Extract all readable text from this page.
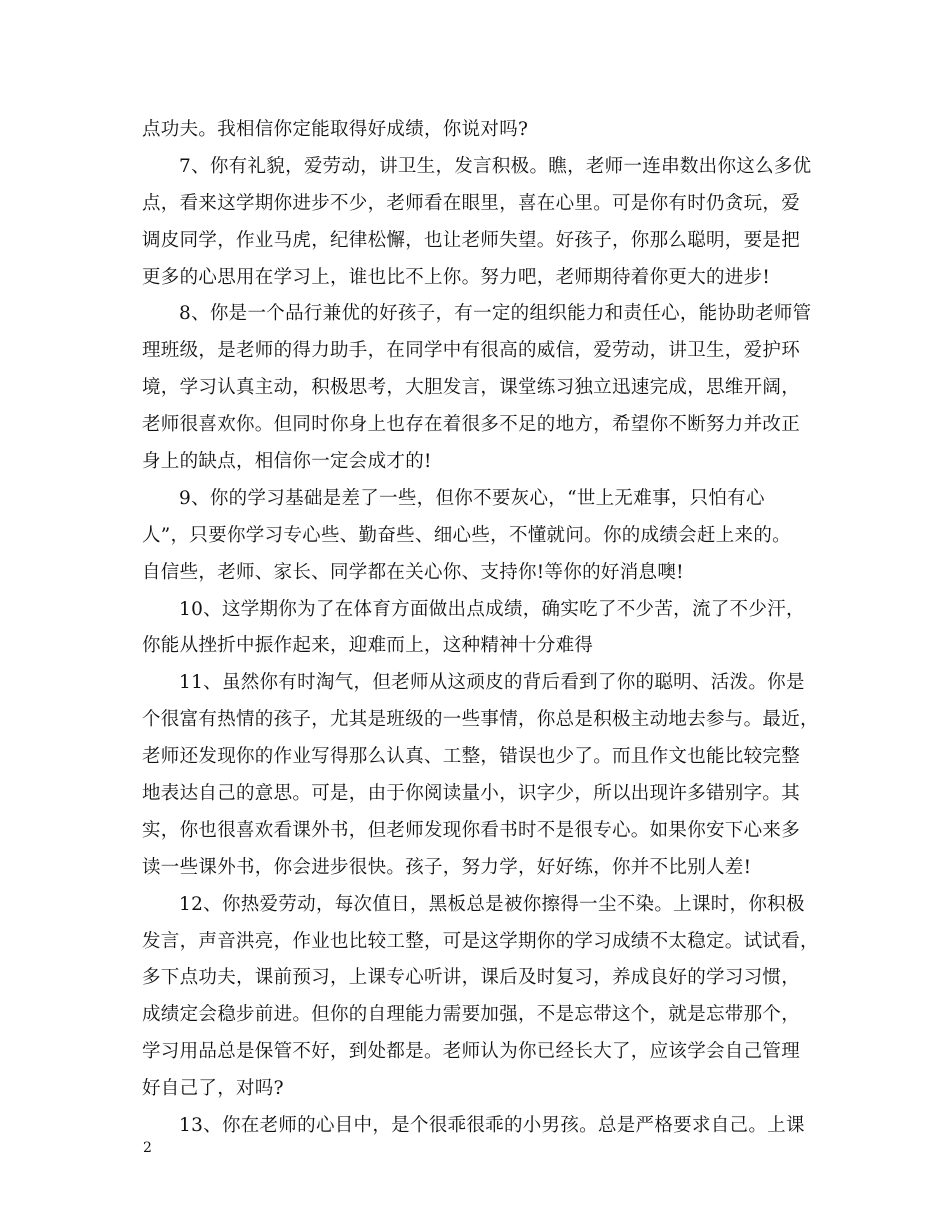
点功夫。我相信你定能取得好成绩，你说对吗?
7、你有礼貌，爱劳动，讲卫生，发言积极。瞧，老师一连串数出你这么多优
点，看来这学期你进步不少，老师看在眼里，喜在心里。可是你有时仍贪玩，爱
调皮同学，作业马虎，纪律松懈，也让老师失望。好孩子，你那么聪明，要是把
更多的心思用在学习上，谁也比不上你。努力吧，老师期待着你更大的进步!
8、你是一个品行兼优的好孩子，有一定的组织能力和责任心，能协助老师管
理班级，是老师的得力助手，在同学中有很高的威信，爱劳动，讲卫生，爱护环
境，学习认真主动，积极思考，大胆发言，课堂练习独立迅速完成，思维开阔，
老师很喜欢你。但同时你身上也存在着很多不足的地方，希望你不断努力并改正
身上的缺点，相信你一定会成才的!
9、你的学习基础是差了一些，但你不要灰心，“世上无难事，只怕有心
人”，只要你学习专心些、勤奋些、细心些，不懂就问。你的成绩会赶上来的。
自信些，老师、家长、同学都在关心你、支持你!等你的好消息噢!
10、这学期你为了在体育方面做出点成绩，确实吃了不少苦，流了不少汗，
你能从挫折中振作起来，迎难而上，这种精神十分难得
11、虽然你有时淘气，但老师从这顽皮的背后看到了你的聪明、活泼。你是
个很富有热情的孩子，尤其是班级的一些事情，你总是积极主动地去参与。最近，
老师还发现你的作业写得那么认真、工整，错误也少了。而且作文也能比较完整
地表达自己的意思。可是，由于你阅读量小，识字少，所以出现许多错别字。其
实，你也很喜欢看课外书，但老师发现你看书时不是很专心。如果你安下心来多
读一些课外书，你会进步很快。孩子，努力学，好好练，你并不比别人差!
12、你热爱劳动，每次值日，黑板总是被你擦得一尘不染。上课时，你积极
发言，声音洪亮，作业也比较工整，可是这学期你的学习成绩不太稳定。试试看，
多下点功夫，课前预习，上课专心听讲，课后及时复习，养成良好的学习习惯，
成绩定会稳步前进。但你的自理能力需要加强，不是忘带这个，就是忘带那个，
学习用品总是保管不好，到处都是。老师认为你已经长大了，应该学会自己管理
好自己了，对吗?
13、你在老师的心目中，是个很乖很乖的小男孩。总是严格要求自己。上课
2
